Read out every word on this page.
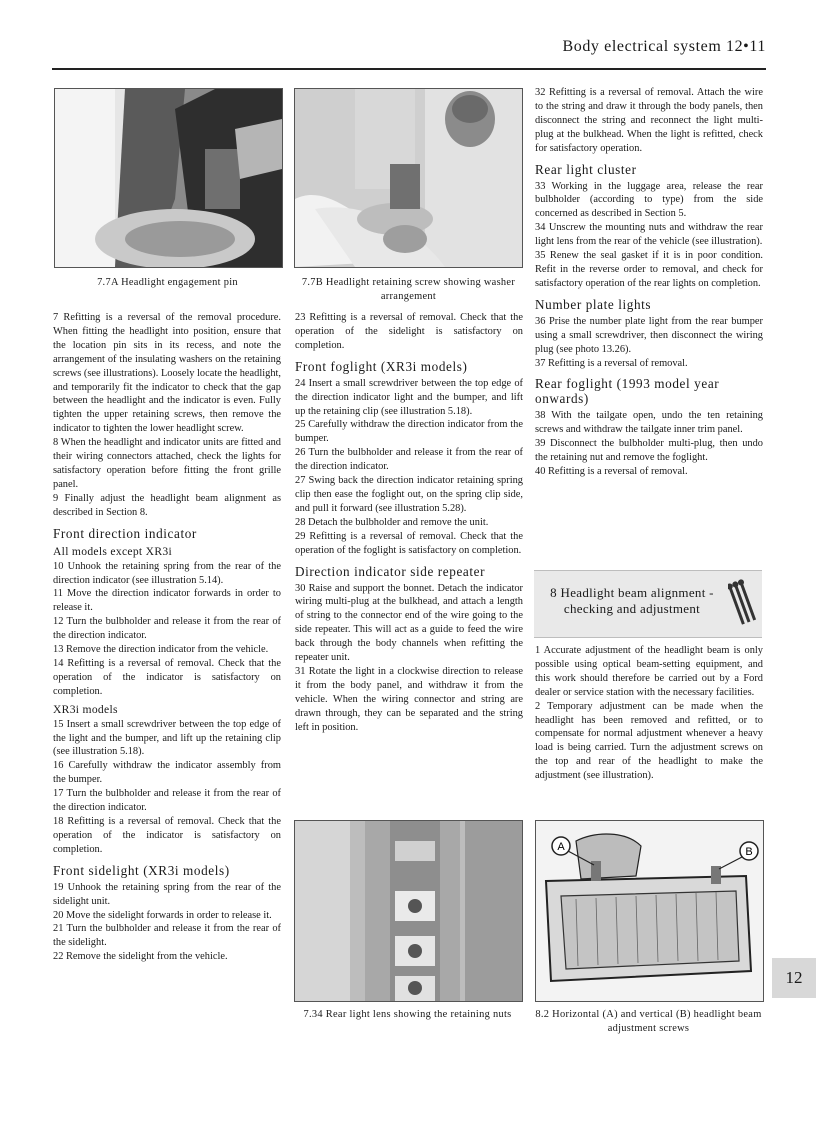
Body electrical system 12•11
7.7A Headlight engagement pin	7.7B Headlight retaining screw showing washer arrangement

7 Refitting is a reversal of the removal procedure. When fitting the headlight into position, ensure that the location pin sits in its recess, and note the arrangement of the insulating washers on the retaining screws (see illustrations). Loosely locate the headlight, and temporarily fit the indicator to check that the gap between the headlight and the indicator is even. Fully tighten the upper retaining screws, then remove the indicator to tighten the lower headlight screw.

8 When the headlight and indicator units are fitted and their wiring connectors attached, check the lights for satisfactory operation before fitting the front grille panel.

9 Finally adjust the headlight beam alignment as described in Section 8.

Front direction indicator
All models except XR3i

10 Unhook the retaining spring from the rear of the direction indicator (see illustration 5.14).

11 Move the direction indicator forwards in order to release it.

12 Turn the bulbholder and release it from the rear of the direction indicator.

13 Remove the direction indicator from the vehicle.

14 Refitting is a reversal of removal. Check that the operation of the indicator is satisfactory on completion.

XR3i models

15 Insert a small screwdriver between the top edge of the light and the bumper, and lift up the retaining clip (see illustration 5.18).

16 Carefully withdraw the indicator assembly from the bumper.

17 Turn the bulbholder and release it from the rear of the direction indicator.

18 Refitting is a reversal of removal. Check that the operation of the indicator is satisfactory on completion.

Front sidelight (XR3i models)

19 Unhook the retaining spring from the rear of the sidelight unit.

20 Move the sidelight forwards in order to release it.

21 Turn the bulbholder and release it from the rear of the sidelight.

22 Remove the sidelight from the vehicle.

23 Refitting is a reversal of removal. Check that the operation of the sidelight is satisfactory on completion.

Front foglight (XR3i models)

24 Insert a small screwdriver between the top edge of the direction indicator light and the bumper, and lift up the retaining clip (see illustration 5.18).

25 Carefully withdraw the direction indicator from the bumper.

26 Turn the bulbholder and release it from the rear of the direction indicator.

27 Swing back the direction indicator retaining spring clip then ease the foglight out, on the spring clip side, and pull it forward (see illustration 5.28).

28 Detach the bulbholder and remove the unit.

29 Refitting is a reversal of removal. Check that the operation of the foglight is satisfactory on completion.

Direction indicator side repeater

30 Raise and support the bonnet. Detach the indicator wiring multi-plug at the bulkhead, and attach a length of string to the connector end of the wire going to the side repeater. This will act as a guide to feed the wire back through the body channels when refitting the repeater unit.

31 Rotate the light in a clockwise direction to release it from the body panel, and withdraw it from the vehicle. When the wiring connector and string are drawn through, they can be separated and the string left in position.

7.34 Rear light lens showing the retaining nuts

32 Refitting is a reversal of removal. Attach the wire to the string and draw it through the body panels, then disconnect the string and reconnect the light multi-plug at the bulkhead. When the light is refitted, check for satisfactory operation.

Rear light cluster

33 Working in the luggage area, release the rear bulbholder (according to type) from the side concerned as described in Section 5.

34 Unscrew the mounting nuts and withdraw the rear light lens from the rear of the vehicle (see illustration).

35 Renew the seal gasket if it is in poor condition. Refit in the reverse order to removal, and check for satisfactory operation of the rear lights on completion.

Number plate lights

36 Prise the number plate light from the rear bumper using a small screwdriver, then disconnect the wiring plug (see photo 13.26).

37 Refitting is a reversal of removal.

Rear foglight (1993 model year onwards)

38 With the tailgate open, undo the ten retaining screws and withdraw the tailgate inner trim panel.

39 Disconnect the bulbholder multi-plug, then undo the retaining nut and remove the foglight.

40 Refitting is a reversal of removal.

8 Headlight beam alignment - checking and adjustment

1 Accurate adjustment of the headlight beam is only possible using optical beam-setting equipment, and this work should therefore be carried out by a Ford dealer or service station with the necessary facilities.

2 Temporary adjustment can be made when the headlight has been removed and refitted, or to compensate for normal adjustment whenever a heavy load is being carried. Turn the adjustment screws on the top and rear of the headlight to make the adjustment (see illustration).

A	B
8.2 Horizontal (A) and vertical (B) headlight beam adjustment screws
12
